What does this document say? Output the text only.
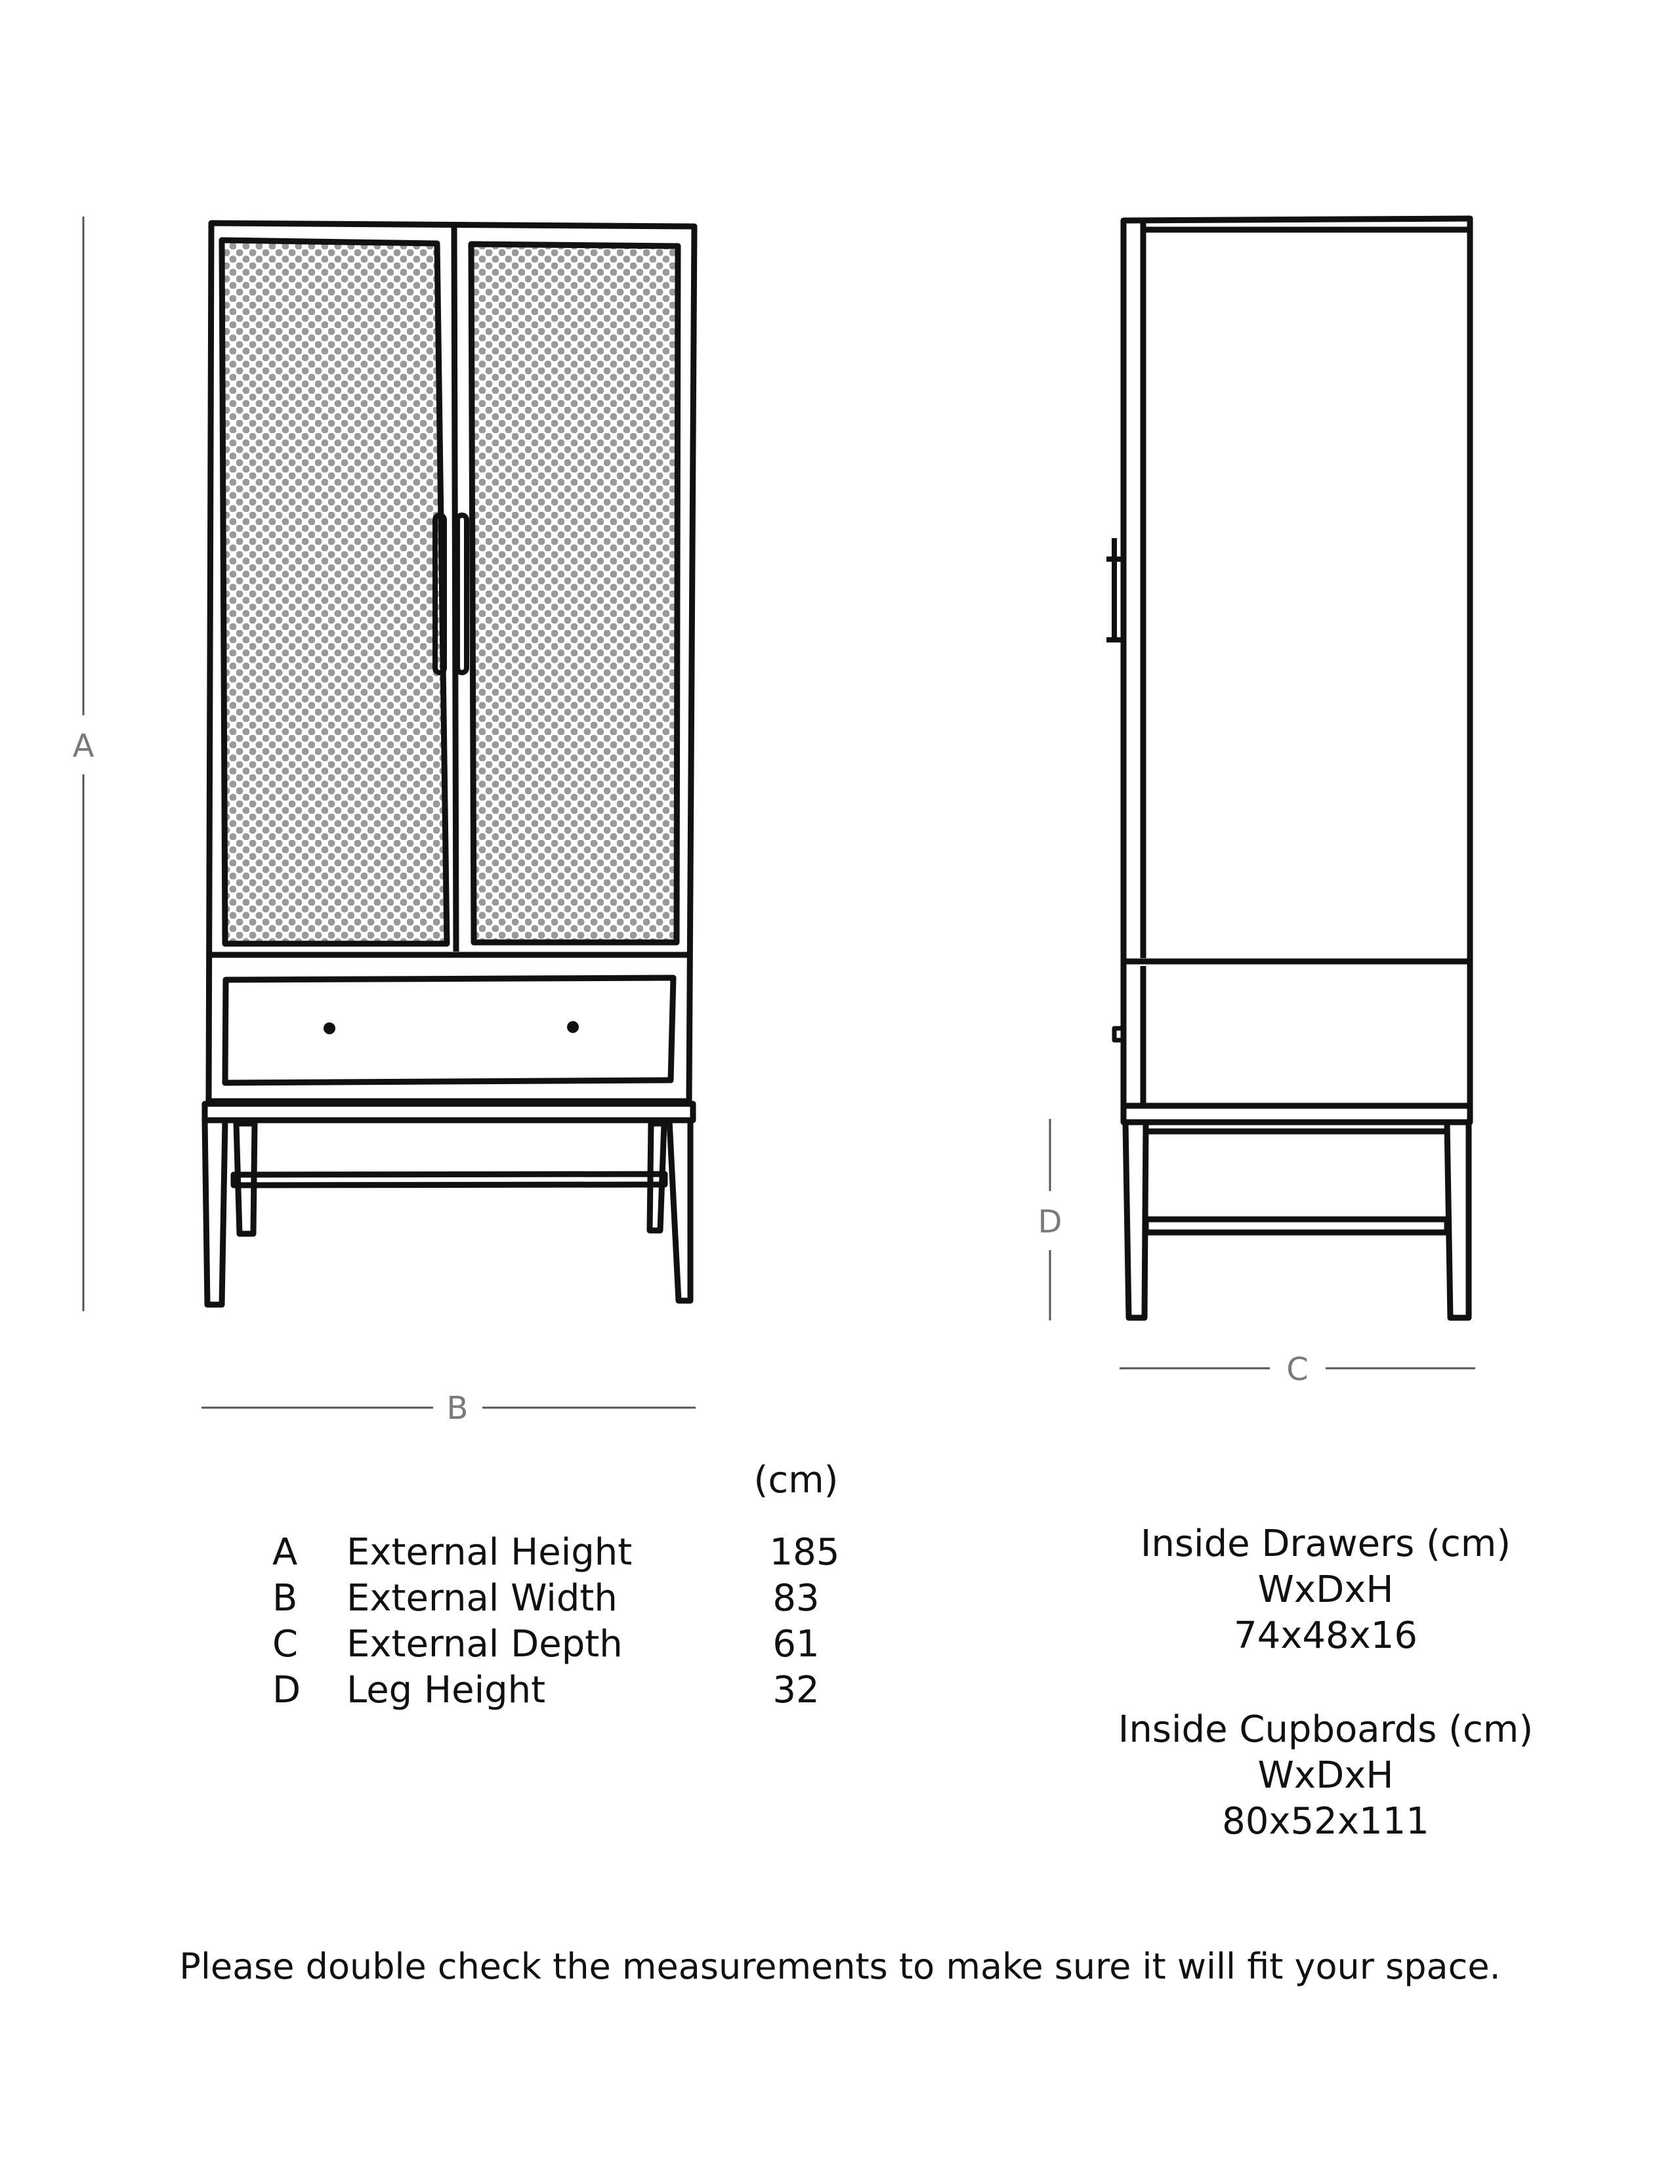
A
B
D
C
(cm)
A External Height	185
B External Width	83
C External Depth	61
D Leg Height	32
Inside Drawers (cm)
WxDxH
74x48x16
Inside Cupboards (cm)
WxDxH
80x52x111
Please double check the measurements to make sure it will fit your space.
